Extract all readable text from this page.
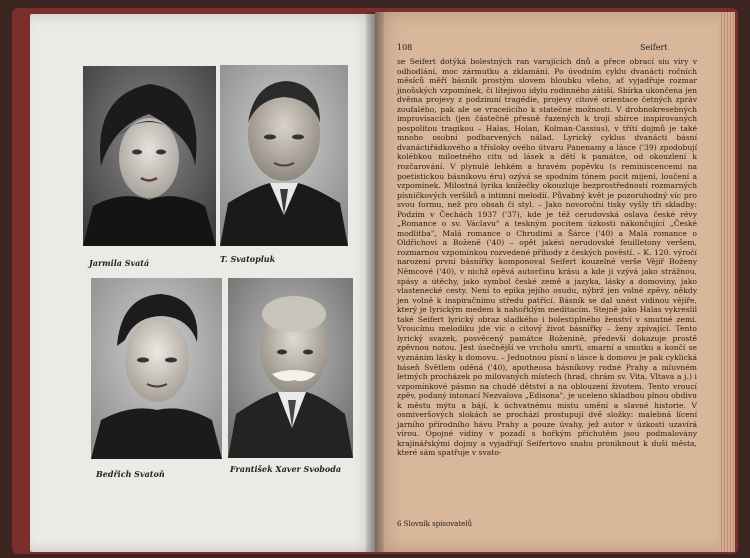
Jarmila Svatá	T. Svatopluk
Bedřich Svatoň	František Xaver Svoboda
108	Seifert

se Seifert dotýká bolestných ran varujících dnů a přece obrací siu víry v odhodlání, moc zármutku a zklamání. Po úvodním cyklu dvanácti ročních měsíců měří básník prostým slovem hloubku všeho, ať vyjadřuje rozmar jinošských vzpomínek, či lítejivou idylu rodinného zátiší. Sbírka ukončena jen dvěma projevy z podzimní tragédie, projevy citové orientace četných zpráv zoufalého, pak ale se vraceiicího k statečné možnosti. V drobnokresebných improvisacích (jen částečně přesně řazených k trojí sbírce inspirovaných pospolitou tragikou – Halas, Holan, Kolman-Cassius), v třítí dojmů je také mnoho osobní podbarvených nálad. Lyrický cyklus dvanácti básní dvanáctiřádkového a třísloky ového útvaru Panenamy a lásce ('39) zpodobují kolébkou miloetného citu od lásek a dětí k památce, od okouzlení k rozčarování. V plynulé lehkém a hravém popěvku (s reminiscencemi na poetistickou básníkovu éru) ozývá se spodním tónem pocit mijení, loučení a vzpomínek. Milostná lyrika knížečky okouzluje bezprostředností rozmarných písničkových veršíků a intimní melodií. Půvabný květ je pozoruhodný víc pro svou formu, než pro obsah či styl. – Jako novoroční tisky vyšly tři skladby: Podzim v Čechách 1937 ('37), kde je též cerudovská oslava české révy „Romance o sv. Václavu" a teskným pocitem úzkosti nákončující „České modlitba", Malá romance o Chrudimi a Šárce ('40) a Malá romance o Oldřichovi a Boženě ('40) – opět jakési nerudovské feuilletony veršem, rozmarnou vzpomínkou rozvedené příhody z českých pověstí. – K. 120. výročí narození první básnířky komponoval Seifert kouzelné verše Vějíř Boženy Němcové ('40), v nichž opěvá autorčinu krásu a kde ji vzývá jako strážnou, spásy a útěchy, jako symbol české země a jazyka, lásky a domoviny, jako vlastenecké cesty. Není to epika jejího osudu, nýbrž jen volné zpěvy, někdy jen volně k inspiračnímu středu patřící. Básník se dal unést vidinou vějíře, který je lyrickým medem k nahořklým meditacím. Stejně jako Halas vykreslil také Seifert lyrický obraz sladkého i bolestiplného ženství v smutné zemi. Vroucímu melodiku jde víc o citový život básnířky – ženy zpívající. Tento lyrický svazek, posvěcený památce Boženině, předevší dokazuje prostě zpěvnou notou. Jest úsečnější ve vrcholu smrti, smarní a smutku a končí se vyznáním lásky k domovu. – Jednotnou písní o lásce k domovu je pak cyklická báseň Světlem oděná ('40), apotheosa básníkovy rodné Prahy a mluvném letmých procházek po milovaných místech (hrad, chrám sv. Vita, Vltava a j.) i vzpomínkové pásmo na chudé dětství a na oblouzení životem. Tento vroucí zpěv, podaný intonací Nezvalova „Edisona", je uceleno skladbou plnou obdivu k městu mýtu a bájí, k úchvatnému místu umění a slavné historie. V osmiveršových slokách se prochází prostupují dvě složky: malebná lícení jarního přírodního hávu Prahy a pouze úvahy, jež autor v úzkosti uzavírá vírou. Opojné vidiny v pozadí s hořkým příchutěm jsou podmalovány krajinářskými dojmy a vyjadřují Seifertovo snahu proniknout k duši města, které sám spatřuje v svato-

6 Slovník spisovatelů
